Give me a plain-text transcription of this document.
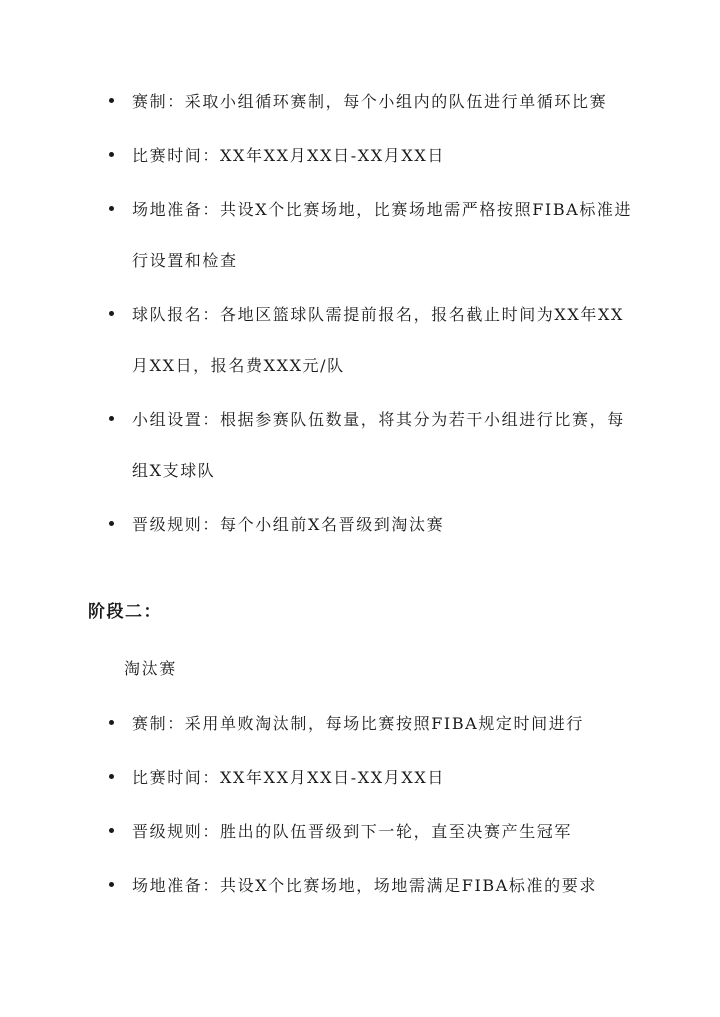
赛制：采取小组循环赛制，每个小组内的队伍进行单循环比赛
比赛时间：XX年XX月XX日-XX月XX日
场地准备：共设X个比赛场地，比赛场地需严格按照FIBA标准进行设置和检查
球队报名：各地区篮球队需提前报名，报名截止时间为XX年XX月XX日，报名费XXX元/队
小组设置：根据参赛队伍数量，将其分为若干小组进行比赛，每组X支球队
晋级规则：每个小组前X名晋级到淘汰赛
阶段二：
淘汰赛
赛制：采用单败淘汰制，每场比赛按照FIBA规定时间进行
比赛时间：XX年XX月XX日-XX月XX日
晋级规则：胜出的队伍晋级到下一轮，直至决赛产生冠军
场地准备：共设X个比赛场地，场地需满足FIBA标准的要求
